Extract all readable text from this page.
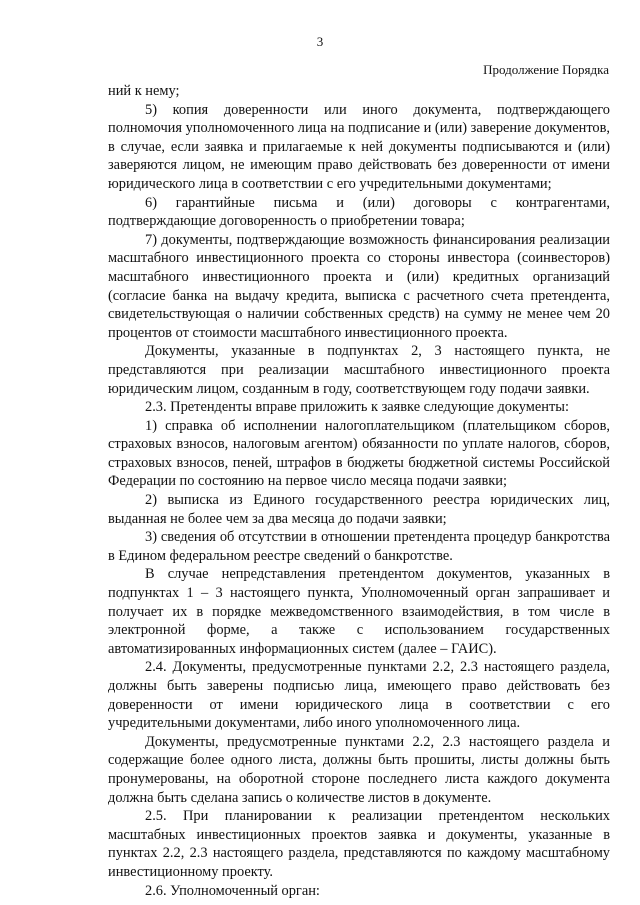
3
Продолжение Порядка

ний к нему;

5) копия доверенности или иного документа, подтверждающего полномочия уполномоченного лица на подписание и (или) заверение документов, в случае, если заявка и прилагаемые к ней документы подписываются и (или) заверяются лицом, не имеющим право действовать без доверенности от имени юридического лица в соответствии с его учредительными документами;

6) гарантийные письма и (или) договоры с контрагентами, подтверждающие договоренность о приобретении товара;

7) документы, подтверждающие возможность финансирования реализации масштабного инвестиционного проекта со стороны инвестора (соинвесторов) масштабного инвестиционного проекта и (или) кредитных организаций (согласие банка на выдачу кредита, выписка с расчетного счета претендента, свидетельствующая о наличии собственных средств) на сумму не менее чем 20 процентов от стоимости масштабного инвестиционного проекта.

Документы, указанные в подпунктах 2, 3 настоящего пункта, не представляются при реализации масштабного инвестиционного проекта юридическим лицом, созданным в году, соответствующем году подачи заявки.

2.3. Претенденты вправе приложить к заявке следующие документы:

1) справка об исполнении налогоплательщиком (плательщиком сборов, страховых взносов, налоговым агентом) обязанности по уплате налогов, сборов, страховых взносов, пеней, штрафов в бюджеты бюджетной системы Российской Федерации по состоянию на первое число месяца подачи заявки;

2) выписка из Единого государственного реестра юридических лиц, выданная не более чем за два месяца до подачи заявки;

3) сведения об отсутствии в отношении претендента процедур банкротства в Едином федеральном реестре сведений о банкротстве.

В случае непредставления претендентом документов, указанных в подпунктах 1 – 3 настоящего пункта, Уполномоченный орган запрашивает и получает их в порядке межведомственного взаимодействия, в том числе в электронной форме, а также с использованием государственных автоматизированных информационных систем (далее – ГАИС).

2.4. Документы, предусмотренные пунктами 2.2, 2.3 настоящего раздела, должны быть заверены подписью лица, имеющего право действовать без доверенности от имени юридического лица в соответствии с его учредительными документами, либо иного уполномоченного лица.

Документы, предусмотренные пунктами 2.2, 2.3 настоящего раздела и содержащие более одного листа, должны быть прошиты, листы должны быть пронумерованы, на оборотной стороне последнего листа каждого документа должна быть сделана запись о количестве листов в документе.

2.5. При планировании к реализации претендентом нескольких масштабных инвестиционных проектов заявка и документы, указанные в пунктах 2.2, 2.3 настоящего раздела, представляются по каждому масштабному инвестиционному проекту.

2.6. Уполномоченный орган:
